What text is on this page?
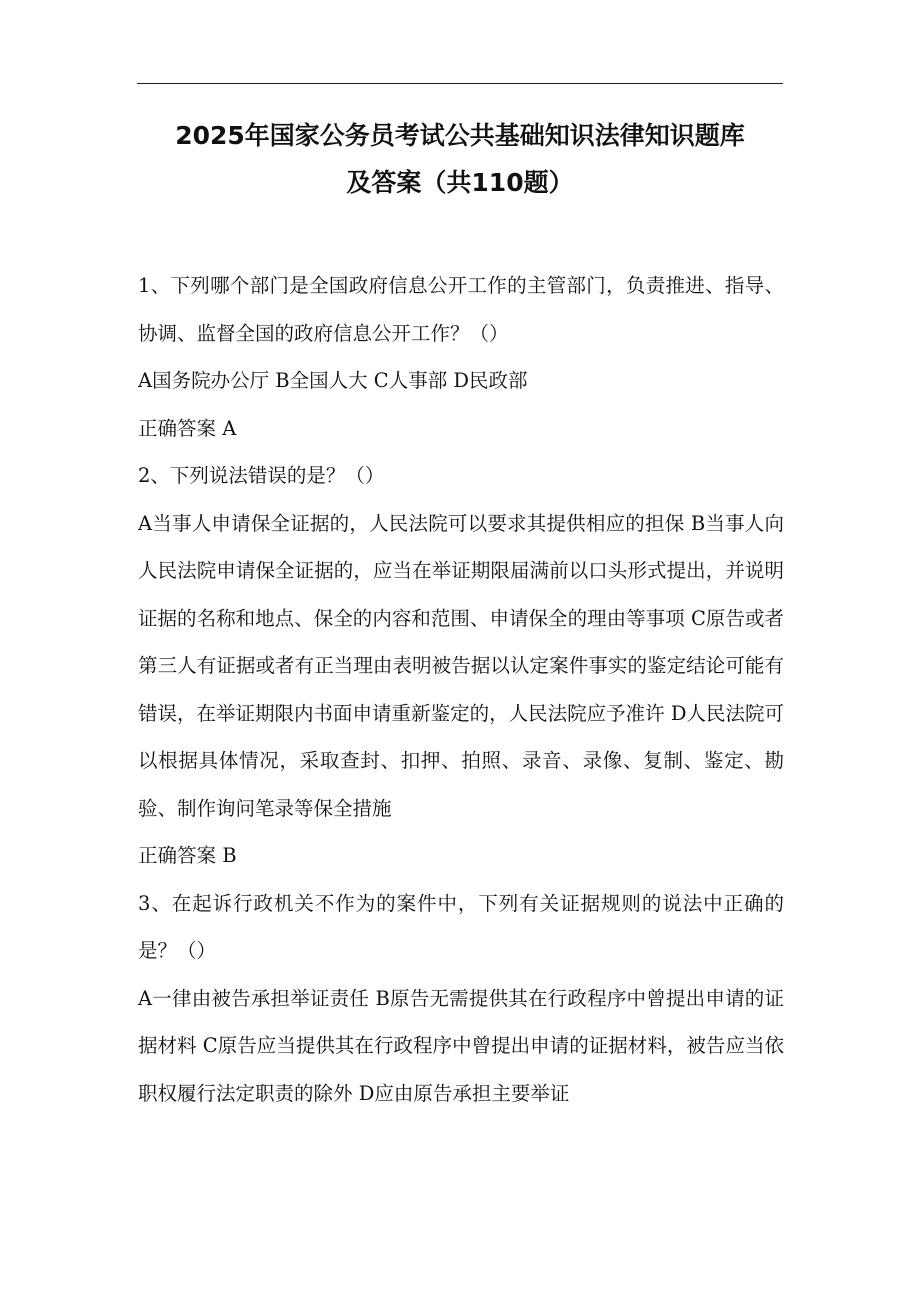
2025年国家公务员考试公共基础知识法律知识题库
及答案（共110题）

1、下列哪个部门是全国政府信息公开工作的主管部门，负责推进、指导、协调、监督全国的政府信息公开工作？（）

A国务院办公厅 B全国人大 C人事部 D民政部

正确答案 A

2、下列说法错误的是？（）

A当事人申请保全证据的，人民法院可以要求其提供相应的担保 B当事人向人民法院申请保全证据的，应当在举证期限届满前以口头形式提出，并说明证据的名称和地点、保全的内容和范围、申请保全的理由等事项 C原告或者第三人有证据或者有正当理由表明被告据以认定案件事实的鉴定结论可能有错误，在举证期限内书面申请重新鉴定的，人民法院应予准许 D人民法院可以根据具体情况，采取查封、扣押、拍照、录音、录像、复制、鉴定、勘验、制作询问笔录等保全措施

正确答案 B

3、在起诉行政机关不作为的案件中，下列有关证据规则的说法中正确的是？（）

A一律由被告承担举证责任 B原告无需提供其在行政程序中曾提出申请的证据材料 C原告应当提供其在行政程序中曾提出申请的证据材料，被告应当依职权履行法定职责的除外 D应由原告承担主要举证
